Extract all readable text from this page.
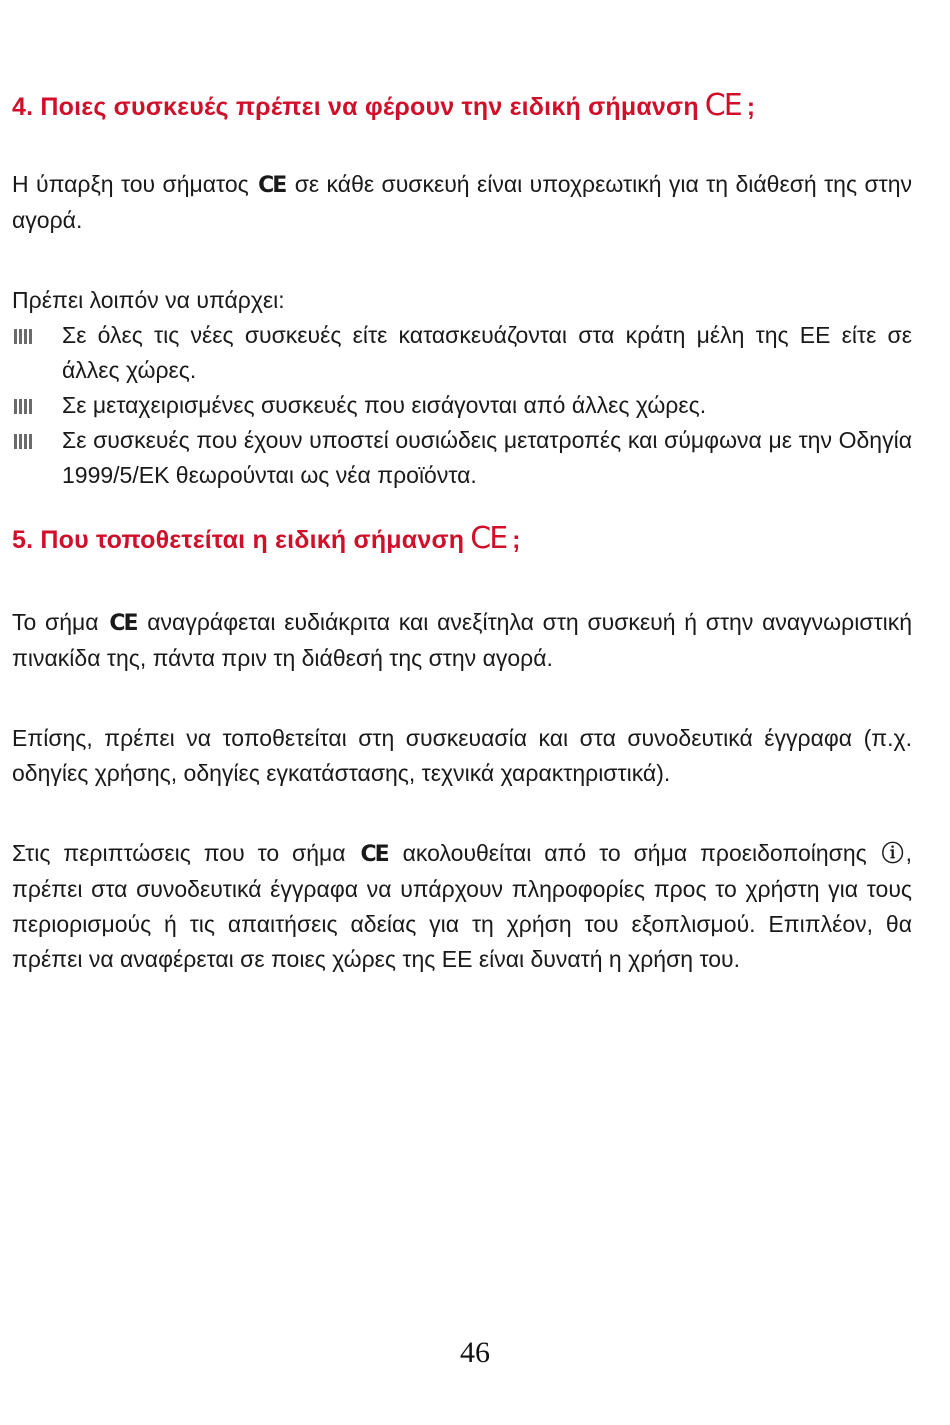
4. Ποιες συσκευές πρέπει να φέρουν την ειδική σήμανση CE ;

Η ύπαρξη του σήματος CE σε κάθε συσκευή είναι υποχρεωτική για τη διάθεσή της στην αγορά.

Πρέπει λοιπόν να υπάρχει:

Σε όλες τις νέες συσκευές είτε κατασκευάζονται στα κράτη μέλη της ΕΕ είτε σε άλλες χώρες.
Σε μεταχειρισμένες συσκευές που εισάγονται από άλλες χώρες.
Σε συσκευές που έχουν υποστεί ουσιώδεις μετατροπές και σύμφωνα με την Οδηγία 1999/5/ΕΚ θεωρούνται ως νέα προϊόντα.
5. Που τοποθετείται η ειδική σήμανση CE ;

Το σήμα CE αναγράφεται ευδιάκριτα και ανεξίτηλα στη συσκευή ή στην αναγνωριστική πινακίδα της, πάντα πριν τη διάθεσή της στην αγορά.

Επίσης, πρέπει να τοποθετείται στη συσκευασία και στα συνοδευτικά έγγραφα (π.χ. οδηγίες χρήσης, οδηγίες εγκατάστασης, τεχνικά χαρακτηριστικά).

Στις περιπτώσεις που το σήμα CE ακολουθείται από το σήμα προειδοποίησης ⓘ, πρέπει στα συνοδευτικά έγγραφα να υπάρχουν πληροφορίες προς το χρήστη για τους περιορισμούς ή τις απαιτήσεις αδείας για τη χρήση του εξοπλισμού. Επιπλέον, θα πρέπει να αναφέρεται σε ποιες χώρες της ΕΕ είναι δυνατή η χρήση του.

46
